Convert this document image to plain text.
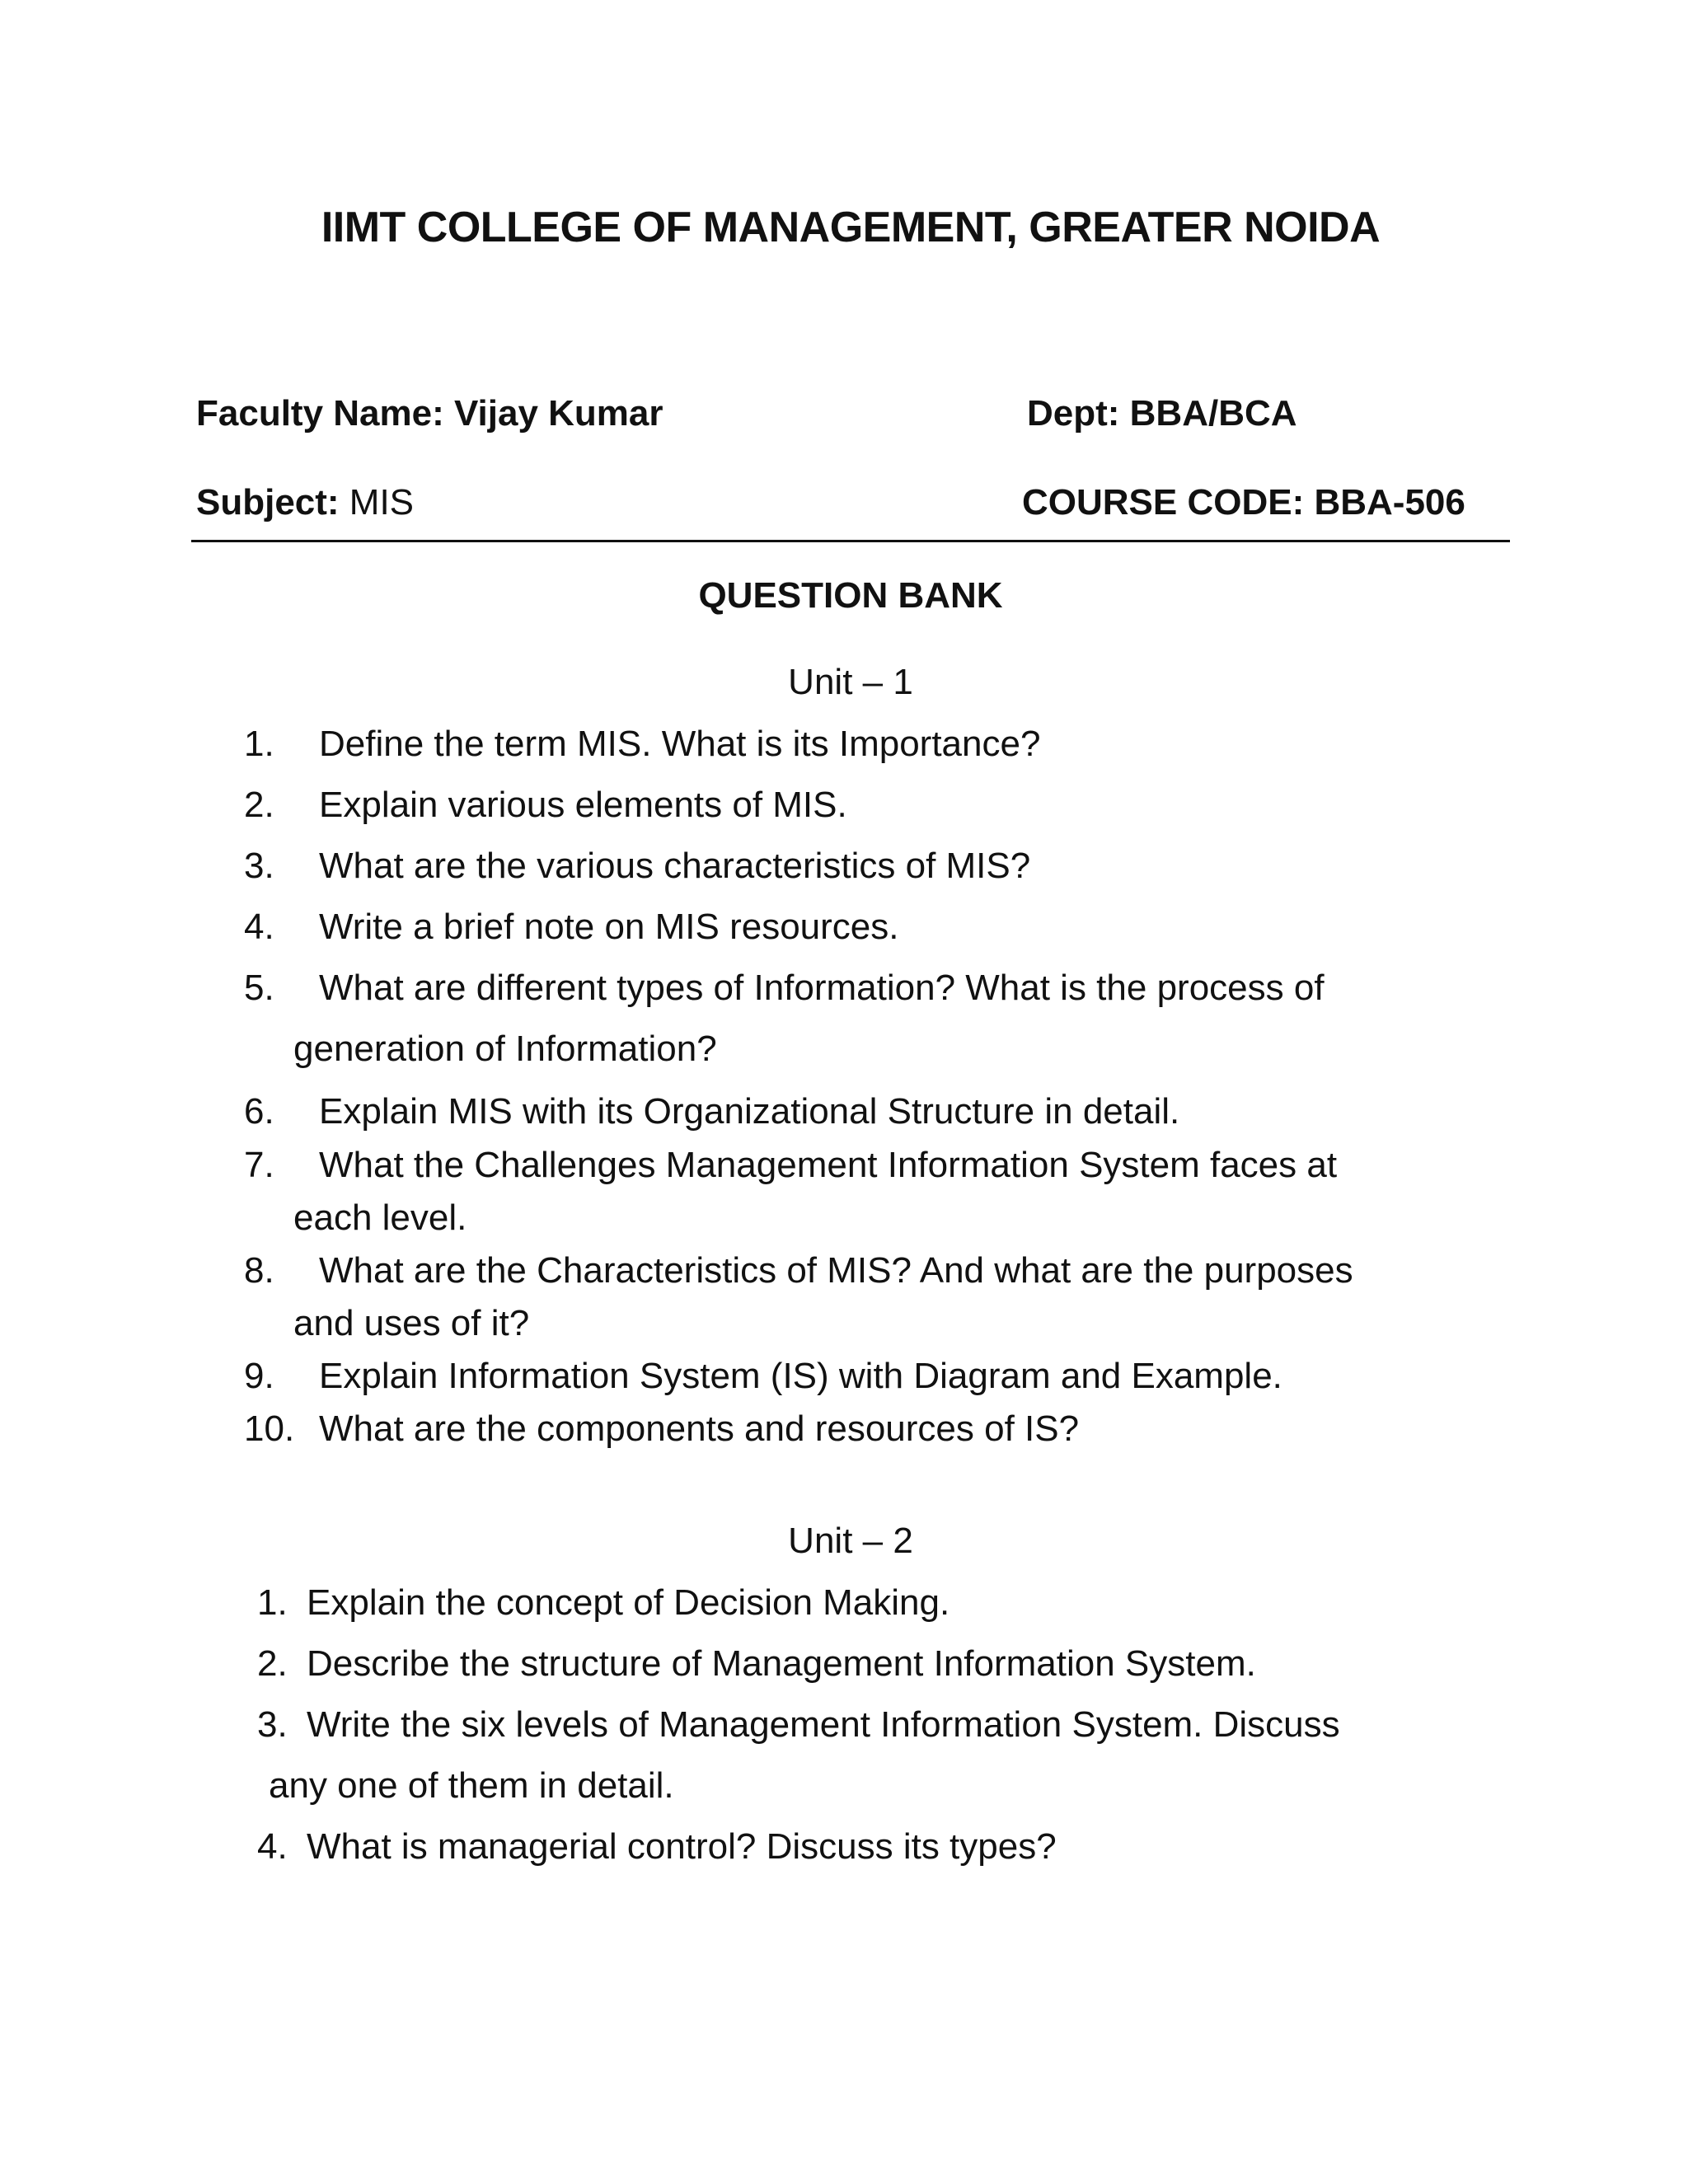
IIMT COLLEGE OF MANAGEMENT, GREATER NOIDA
Faculty Name: Vijay Kumar	Dept: BBA/BCA
Subject: MIS	COURSE CODE: BBA-506
QUESTION BANK
Unit – 1
1. Define the term MIS. What is its Importance?
2. Explain various elements of MIS.
3. What are the various characteristics of MIS?
4. Write a brief note on MIS resources.
5. What are different types of Information? What is the process of
generation of Information?
6. Explain MIS with its Organizational Structure in detail.
7. What the Challenges Management Information System faces at
each level.
8. What are the Characteristics of MIS? And what are the purposes
and uses of it?
9. Explain Information System (IS) with Diagram and Example.
10. What are the components and resources of IS?
Unit – 2
1. Explain the concept of Decision Making.
2. Describe the structure of Management Information System.
3. Write the six levels of Management Information System. Discuss
any one of them in detail.
4. What is managerial control? Discuss its types?
